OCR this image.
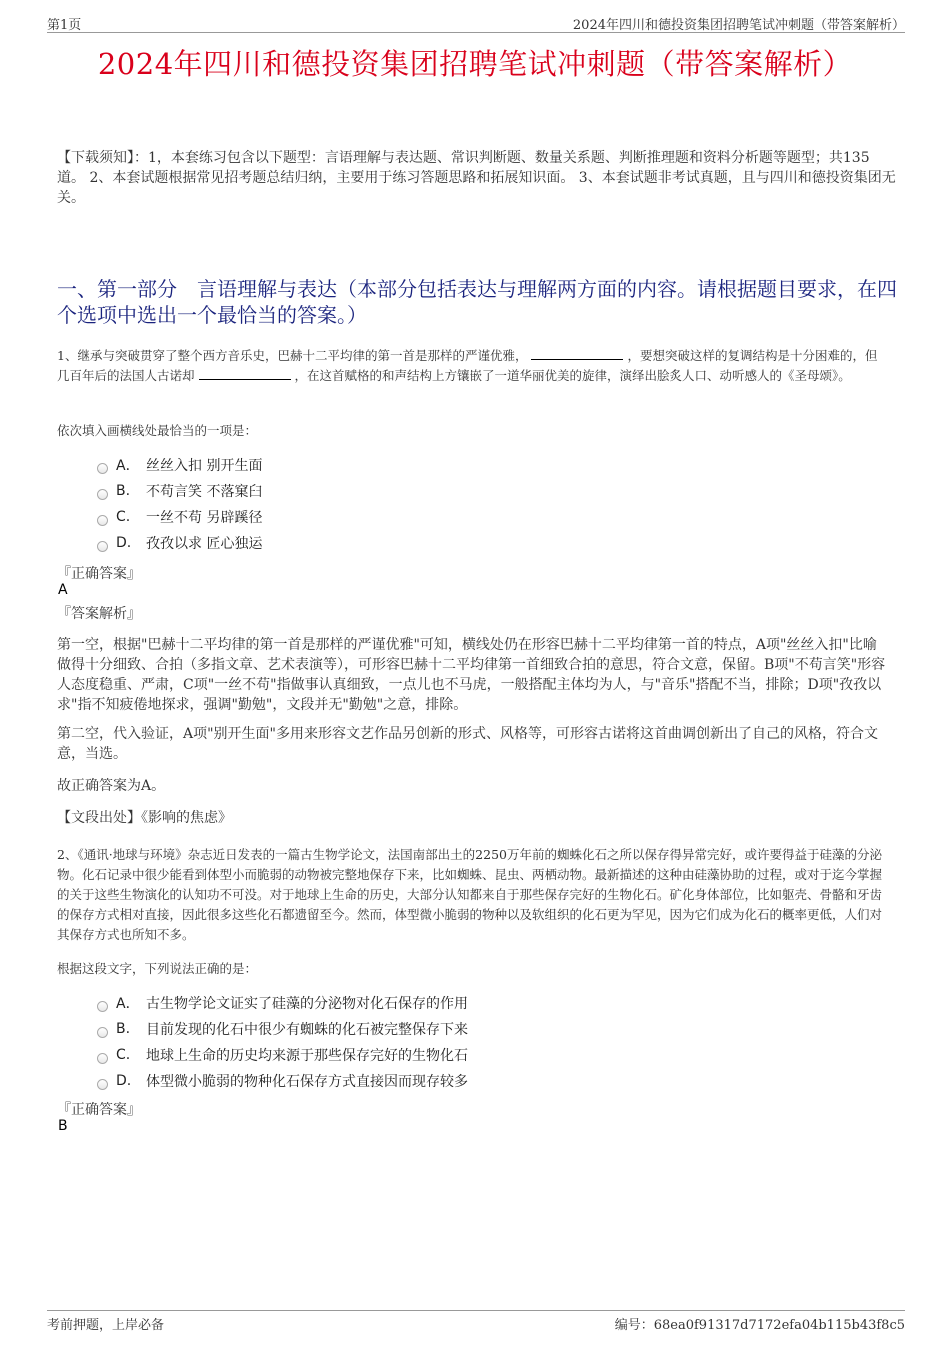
第1页	2024年四川和德投资集团招聘笔试冲刺题（带答案解析）
2024年四川和德投资集团招聘笔试冲刺题（带答案解析）
【下载须知】：1，本套练习包含以下题型：言语理解与表达题、常识判断题、数量关系题、判断推理题和资料分析题等题型；共135道。 2、本套试题根据常见招考题总结归纳，主要用于练习答题思路和拓展知识面。 3、本套试题非考试真题，且与四川和德投资集团无关。
一、第一部分　言语理解与表达（本部分包括表达与理解两方面的内容。请根据题目要求，在四个选项中选出一个最恰当的答案。）
1、继承与突破贯穿了整个西方音乐史，巴赫十二平均律的第一首是那样的严谨优雅，	，要想突破这样的复调结构是十分困难的，但几百年后的法国人古诺却	，在这首赋格的和声结构上方镶嵌了一道华丽优美的旋律，演绎出脍炙人口、动听感人的《圣母颂》。
依次填入画横线处最恰当的一项是：
A． 丝丝入扣 别开生面
B.	不苟言笑 不落窠臼
C.	一丝不苟 另辟蹊径
D.	孜孜以求 匠心独运
『正确答案』
A
『答案解析』
第一空，根据"巴赫十二平均律的第一首是那样的严谨优雅"可知，横线处仍在形容巴赫十二平均律第一首的特点，A项"丝丝入扣"比喻做得十分细致、合拍（多指文章、艺术表演等），可形容巴赫十二平均律第一首细致合拍的意思，符合文意，保留。B项"不苟言笑"形容人态度稳重、严肃，C项"一丝不苟"指做事认真细致，一点儿也不马虎，一般搭配主体均为人，与"音乐"搭配不当，排除；D项"孜孜以求"指不知疲倦地探求，强调"勤勉"，文段并无"勤勉"之意，排除。
第二空，代入验证，A项"别开生面"多用来形容文艺作品另创新的形式、风格等，可形容古诺将这首曲调创新出了自己的风格，符合文意，当选。
故正确答案为A。
【文段出处】《影响的焦虑》
2、《通讯·地球与环境》杂志近日发表的一篇古生物学论文，法国南部出土的2250万年前的蜘蛛化石之所以保存得异常完好，或许要得益于硅藻的分泌物。化石记录中很少能看到体型小而脆弱的动物被完整地保存下来，比如蜘蛛、昆虫、两栖动物。最新描述的这种由硅藻协助的过程，或对于迄今掌握的关于这些生物演化的认知功不可没。对于地球上生命的历史，大部分认知都来自于那些保存完好的生物化石。矿化身体部位，比如躯壳、骨骼和牙齿的保存方式相对直接，因此很多这些化石都遗留至今。然而，体型微小脆弱的物种以及软组织的化石更为罕见，因为它们成为化石的概率更低，人们对其保存方式也所知不多。
根据这段文字，下列说法正确的是：
A． 古生物学论文证实了硅藻的分泌物对化石保存的作用
B.	目前发现的化石中很少有蜘蛛的化石被完整保存下来
C.	地球上生命的历史均来源于那些保存完好的生物化石
D.	体型微小脆弱的物种化石保存方式直接因而现存较多
『正确答案』
B
考前押题，上岸必备	编号：68ea0f91317d7172efa04b115b43f8c5
